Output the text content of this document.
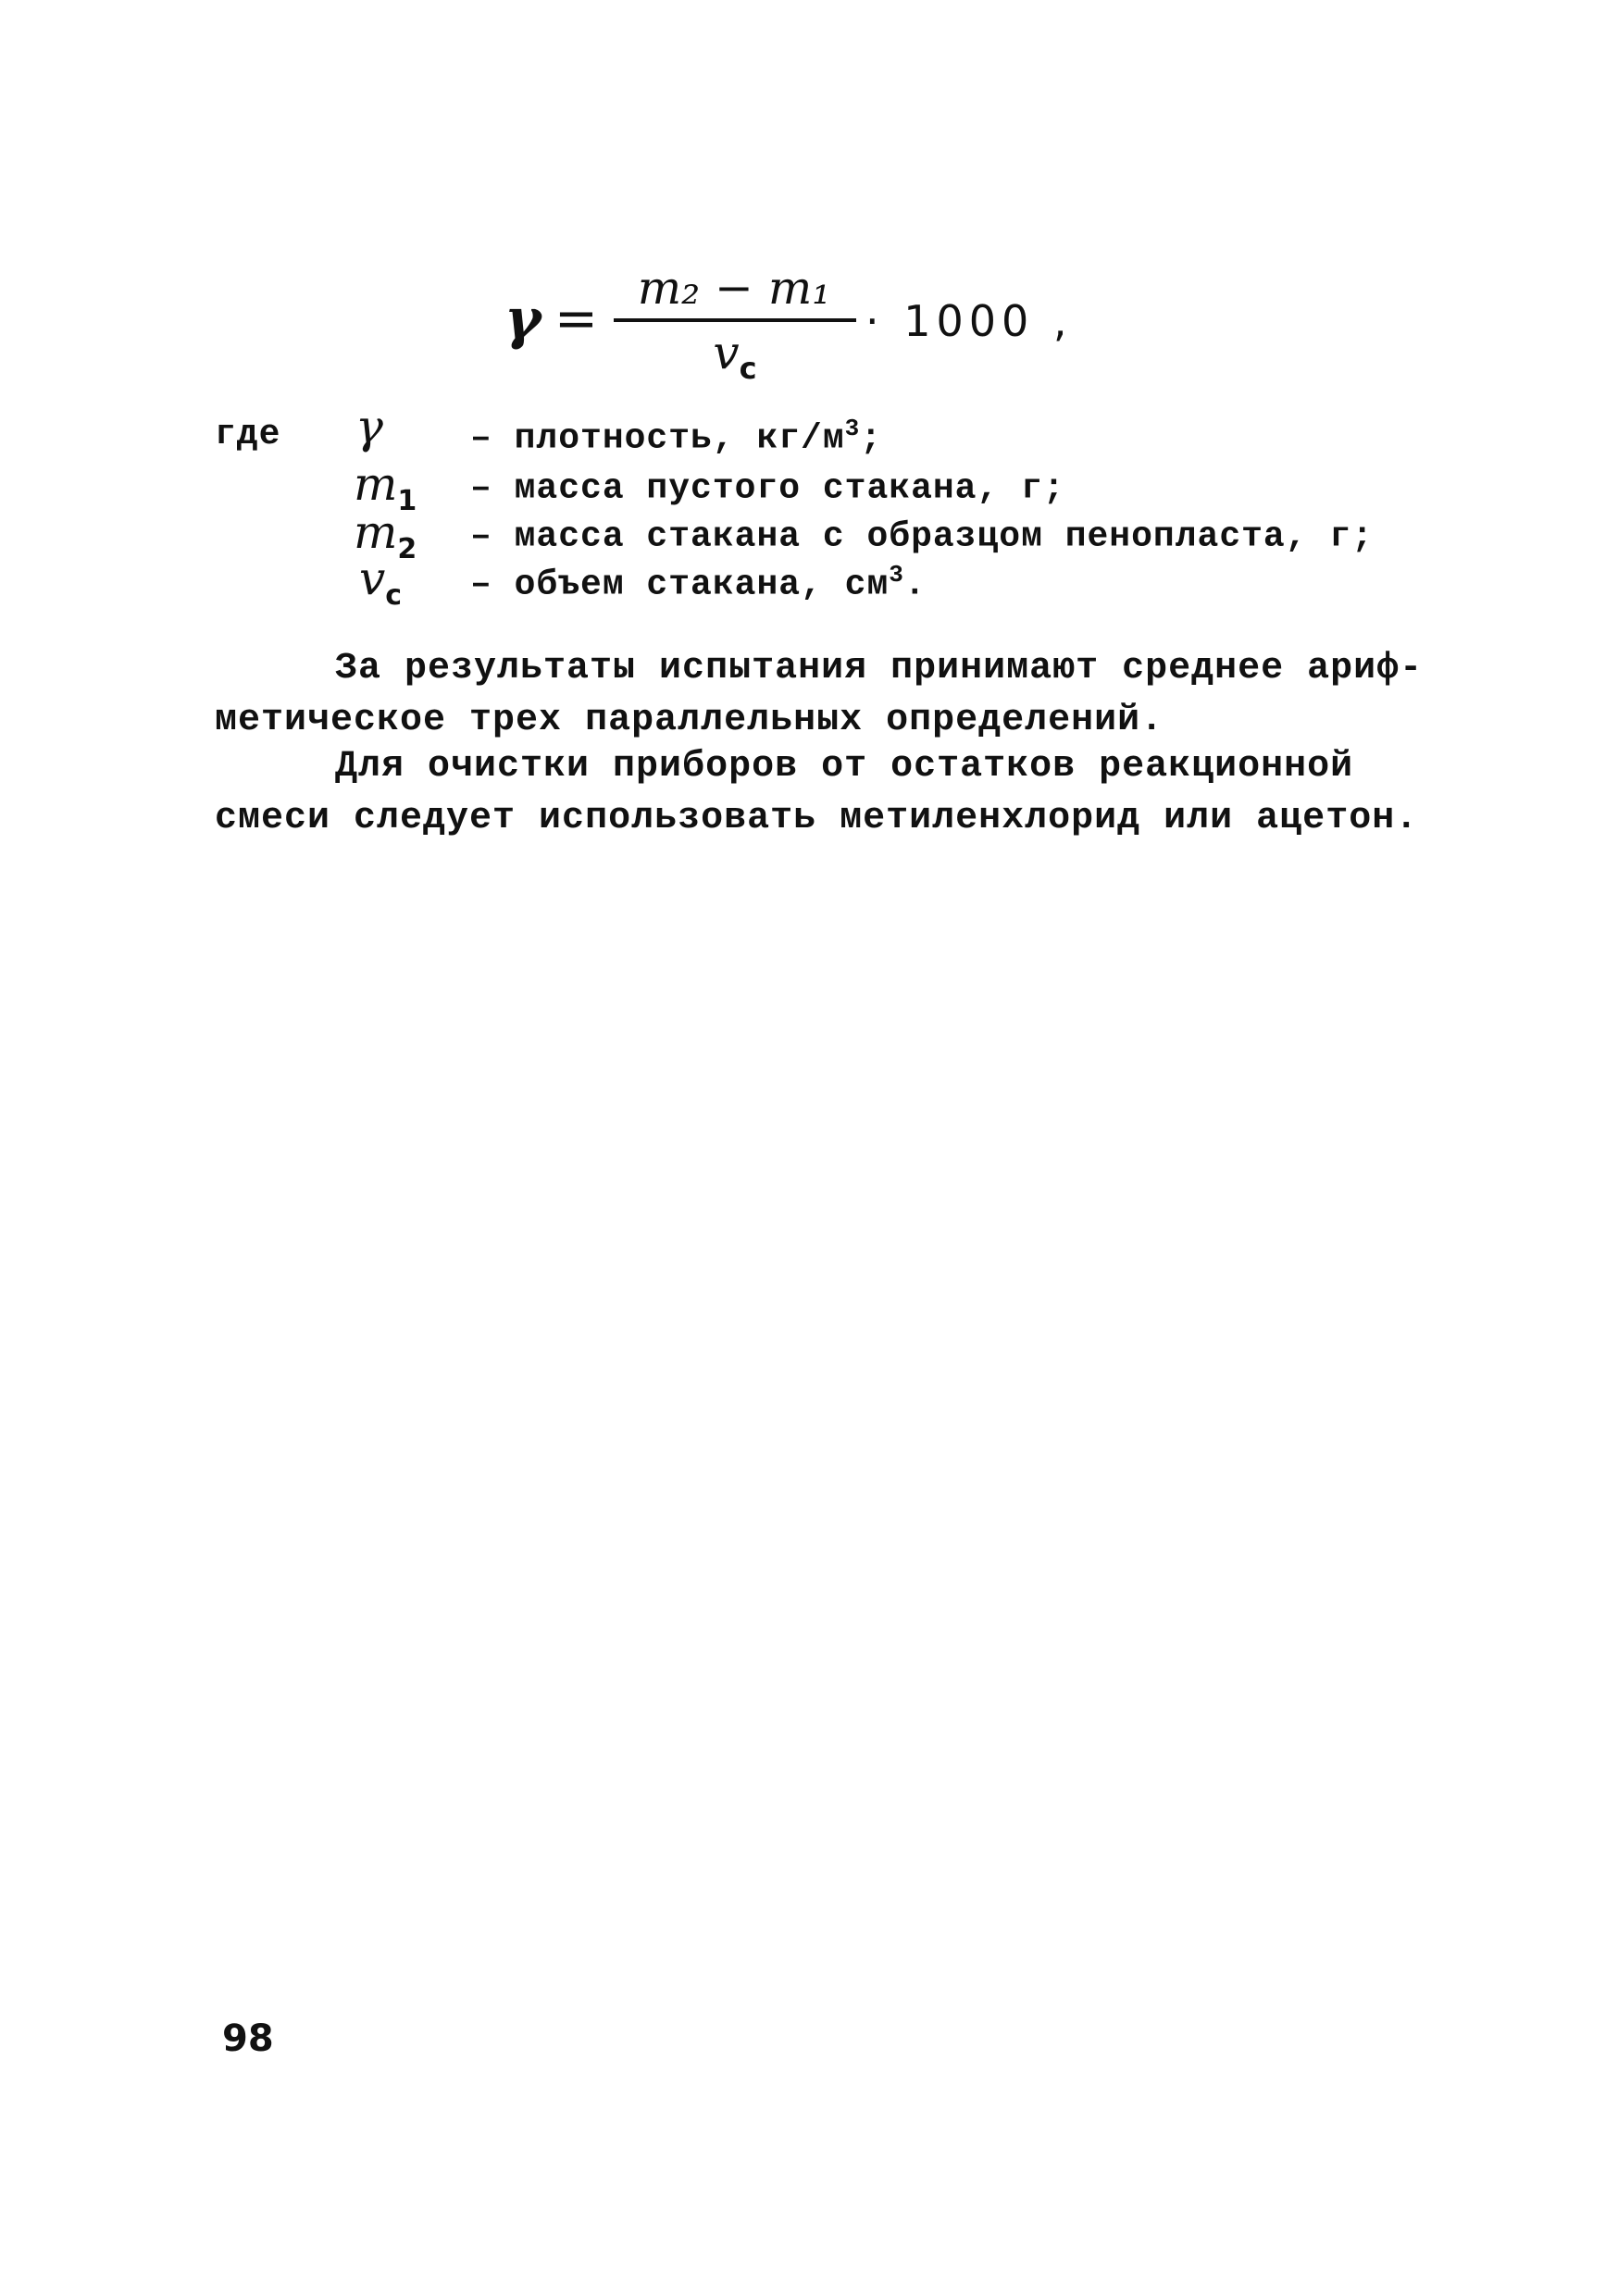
γ =
m₂ − m₁
$v_c$
· 1000 ,
где γ – плотность, $кг/м^3$;
$m_1$ – масса пустого стакана, г;
$m_2$ – масса стакана с образцом пенопласта, г;
$v_с$ – объем стакана, $см^3$.
За результаты испытания принимают среднее ариф-
метическое трех параллельных определений.
Для очистки приборов от остатков реакционной
смеси следует использовать метиленхлорид или ацетон.
98
